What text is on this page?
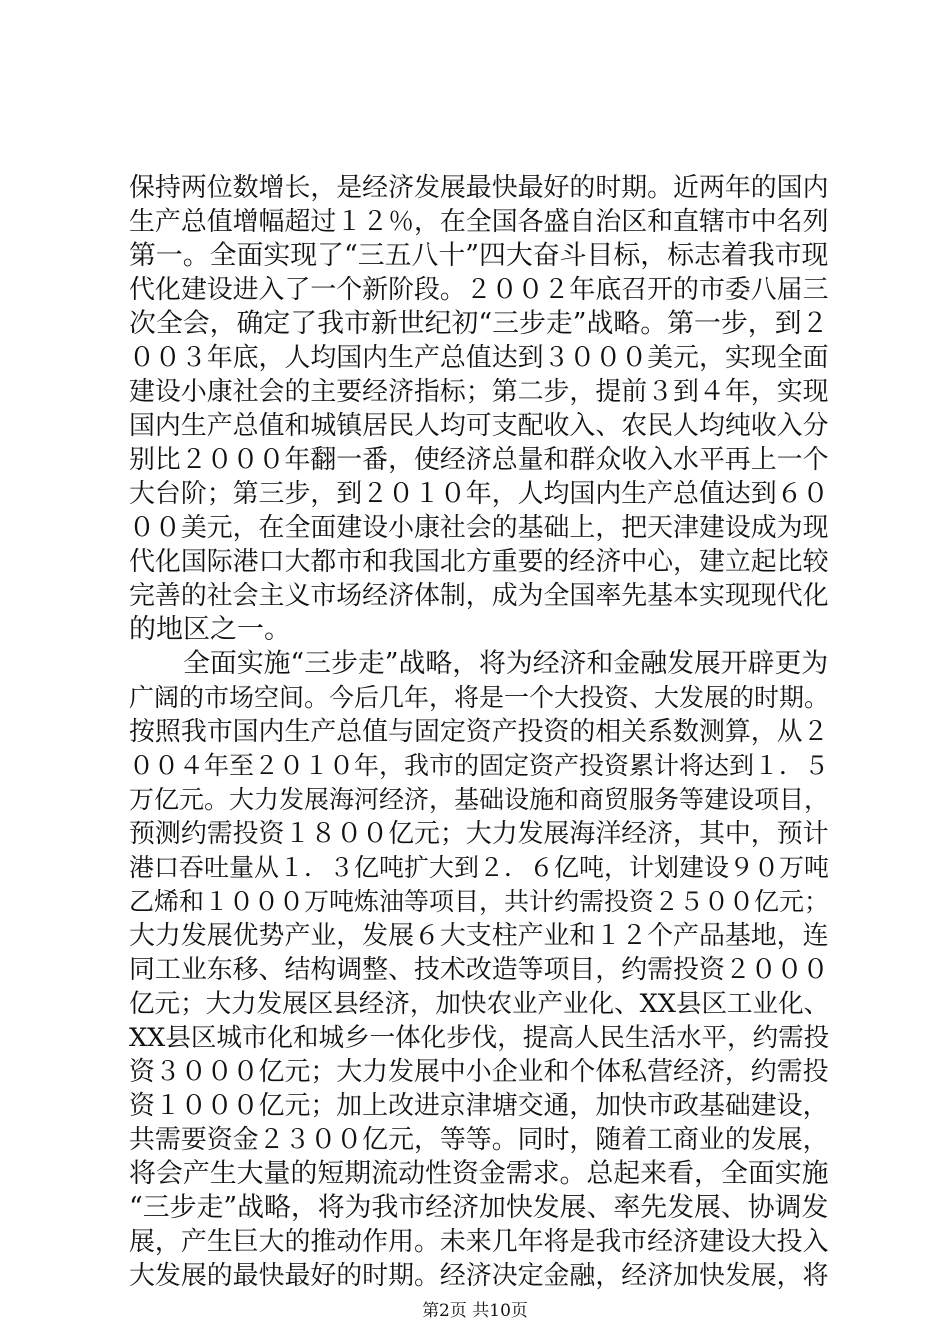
保持两位数增长，是经济发展最快最好的时期。近两年的国内
生产总值增幅超过１２％，在全国各盛自治区和直辖市中名列
第一。全面实现了“三五八十”四大奋斗目标，标志着我市现
代化建设进入了一个新阶段。２００２年底召开的市委八届三
次全会，确定了我市新世纪初“三步走”战略。第一步，到２
００３年底，人均国内生产总值达到３０００美元，实现全面
建设小康社会的主要经济指标；第二步，提前３到４年，实现
国内生产总值和城镇居民人均可支配收入、农民人均纯收入分
别比２０００年翻一番，使经济总量和群众收入水平再上一个
大台阶；第三步，到２０１０年，人均国内生产总值达到６０
００美元，在全面建设小康社会的基础上，把天津建设成为现
代化国际港口大都市和我国北方重要的经济中心，建立起比较
完善的社会主义市场经济体制，成为全国率先基本实现现代化
的地区之一。
全面实施“三步走”战略，将为经济和金融发展开辟更为
广阔的市场空间。今后几年，将是一个大投资、大发展的时期。
按照我市国内生产总值与固定资产投资的相关系数测算，从２
００４年至２０１０年，我市的固定资产投资累计将达到１．５
万亿元。大力发展海河经济，基础设施和商贸服务等建设项目，
预测约需投资１８００亿元；大力发展海洋经济，其中，预计
港口吞吐量从１．３亿吨扩大到２．６亿吨，计划建设９０万吨
乙烯和１０００万吨炼油等项目，共计约需投资２５００亿元；
大力发展优势产业，发展６大支柱产业和１２个产品基地，连
同工业东移、结构调整、技术改造等项目，约需投资２０００
亿元；大力发展区县经济，加快农业产业化、XX县区工业化、
XX县区城市化和城乡一体化步伐，提高人民生活水平，约需投
资３０００亿元；大力发展中小企业和个体私营经济，约需投
资１０００亿元；加上改进京津塘交通，加快市政基础建设，
共需要资金２３００亿元，等等。同时，随着工商业的发展，
将会产生大量的短期流动性资金需求。总起来看，全面实施
“三步走”战略，将为我市经济加快发展、率先发展、协调发
展，产生巨大的推动作用。未来几年将是我市经济建设大投入
大发展的最快最好的时期。经济决定金融，经济加快发展，将
第2页 共10页
